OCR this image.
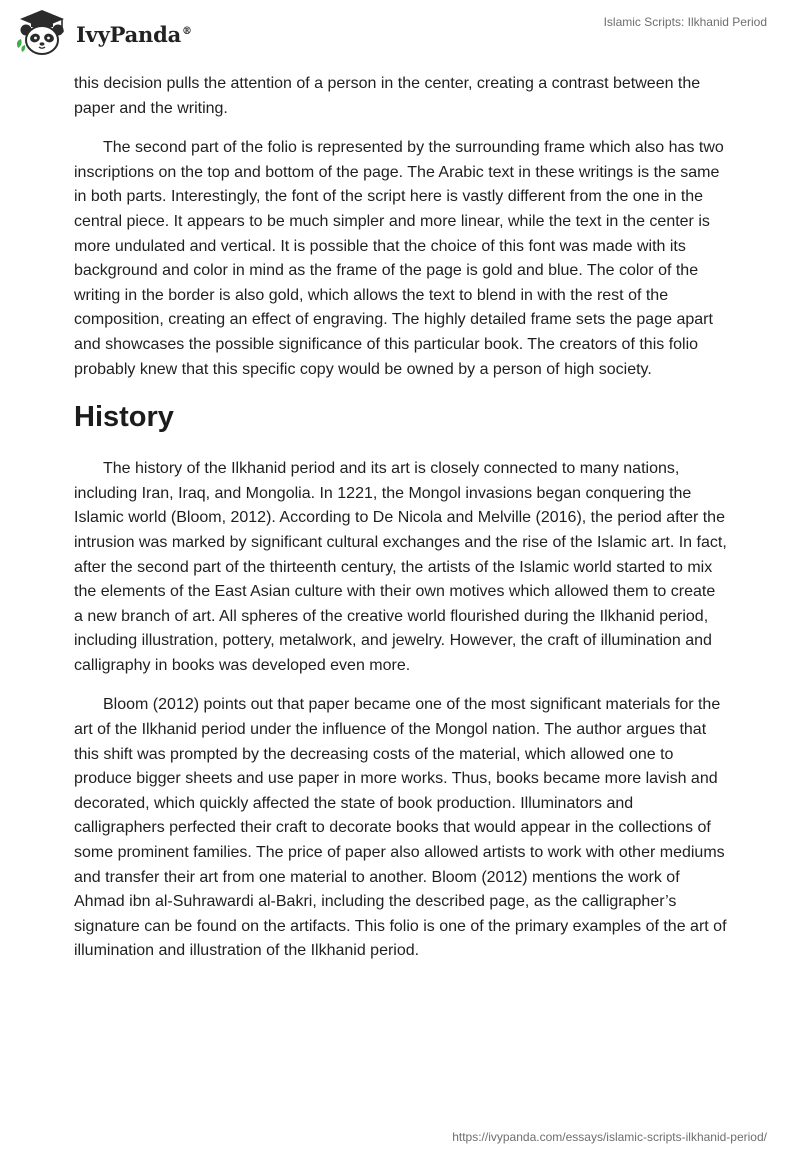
IvyPanda®
Islamic Scripts: Ilkhanid Period

this decision pulls the attention of a person in the center, creating a contrast between the paper and the writing.

The second part of the folio is represented by the surrounding frame which also has two inscriptions on the top and bottom of the page. The Arabic text in these writings is the same in both parts. Interestingly, the font of the script here is vastly different from the one in the central piece. It appears to be much simpler and more linear, while the text in the center is more undulated and vertical. It is possible that the choice of this font was made with its background and color in mind as the frame of the page is gold and blue. The color of the writing in the border is also gold, which allows the text to blend in with the rest of the composition, creating an effect of engraving. The highly detailed frame sets the page apart and showcases the possible significance of this particular book. The creators of this folio probably knew that this specific copy would be owned by a person of high society.

History

The history of the Ilkhanid period and its art is closely connected to many nations, including Iran, Iraq, and Mongolia. In 1221, the Mongol invasions began conquering the Islamic world (Bloom, 2012). According to De Nicola and Melville (2016), the period after the intrusion was marked by significant cultural exchanges and the rise of the Islamic art. In fact, after the second part of the thirteenth century, the artists of the Islamic world started to mix the elements of the East Asian culture with their own motives which allowed them to create a new branch of art. All spheres of the creative world flourished during the Ilkhanid period, including illustration, pottery, metalwork, and jewelry. However, the craft of illumination and calligraphy in books was developed even more.

Bloom (2012) points out that paper became one of the most significant materials for the art of the Ilkhanid period under the influence of the Mongol nation. The author argues that this shift was prompted by the decreasing costs of the material, which allowed one to produce bigger sheets and use paper in more works. Thus, books became more lavish and decorated, which quickly affected the state of book production. Illuminators and calligraphers perfected their craft to decorate books that would appear in the collections of some prominent families. The price of paper also allowed artists to work with other mediums and transfer their art from one material to another. Bloom (2012) mentions the work of Ahmad ibn al-Suhrawardi al-Bakri, including the described page, as the calligrapher’s signature can be found on the artifacts. This folio is one of the primary examples of the art of illumination and illustration of the Ilkhanid period.

https://ivypanda.com/essays/islamic-scripts-ilkhanid-period/
